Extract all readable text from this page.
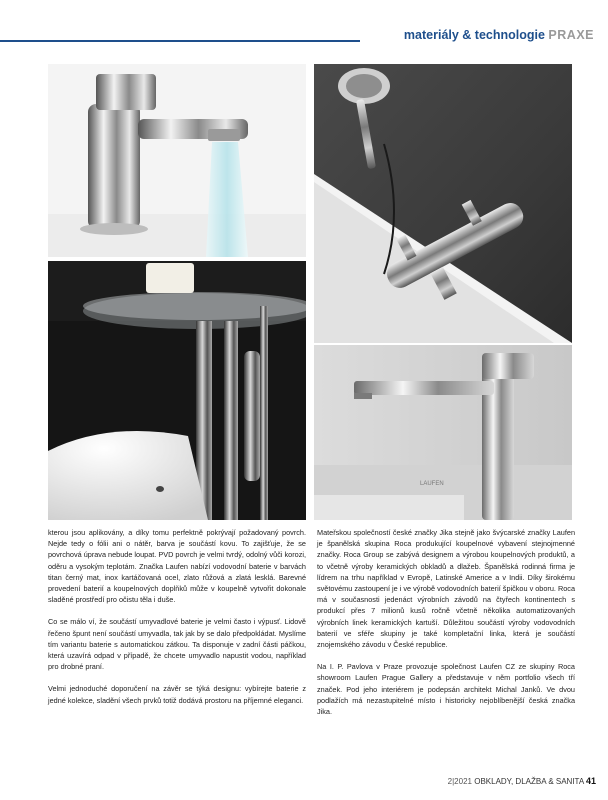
materiály & technologie PRAXE
LAUFEN

kterou jsou aplikovány, a díky tomu perfektně pokrývají požadovaný povrch. Nejde tedy o fólii ani o nátěr, barva je součástí kovu. To zajišťuje, že se povrchová úprava nebude loupat. PVD povrch je velmi tvrdý, odolný vůči korozi, oděru a vysokým teplotám. Značka Laufen nabízí vodovodní baterie v barvách titan černý mat, inox kartáčovaná ocel, zlato růžová a zlatá lesklá. Barevné provedení baterií a koupelnových doplňků může v koupelně vytvořit dokonale sladěné prostředí pro očistu těla i duše.

Co se málo ví, že součástí umyvadlové baterie je velmi často i výpusť. Lidově řečeno špunt není součástí umyvadla, tak jak by se dalo předpokládat. Myslíme tím variantu baterie s automatickou zátkou. Ta disponuje v zadní části páčkou, která uzavírá odpad v případě, že chcete umyvadlo napustit vodou, například pro drobné praní.

Velmi jednoduché doporučení na závěr se týká designu: vybírejte baterie z jedné kolekce, sladění všech prvků totiž dodává prostoru na příjemné eleganci.

Mateřskou společností české značky Jika stejně jako švýcarské značky Laufen je španělská skupina Roca produkující koupelnové vybavení stejnojmenné značky. Roca Group se zabývá designem a výrobou koupelnových produktů, a to včetně výroby keramických obkladů a dlažeb. Španělská rodinná firma je lídrem na trhu například v Evropě, Latinské Americe a v Indii. Díky širokému světovému zastoupení je i ve výrobě vodovodních baterií špičkou v oboru. Roca má v současnosti jedenáct výrobních závodů na čtyřech kontinentech s produkcí přes 7 milionů kusů ročně včetně několika automatizovaných výrobních linek keramických kartuší. Důležitou součástí výroby vodovodních baterií ve sféře skupiny je také kompletační linka, která je součástí znojemského závodu v České republice.

Na I. P. Pavlova v Praze provozuje společnost Laufen CZ ze skupiny Roca showroom Laufen Prague Gallery a představuje v něm portfolio všech tří značek. Pod jeho interiérem je podepsán architekt Michal Janků. Ve dvou podlažích má nezastupitelné místo i historicky nejoblíbenější česká značka Jika.

2|2021 OBKLADY, DLAŽBA & SANITA 41
